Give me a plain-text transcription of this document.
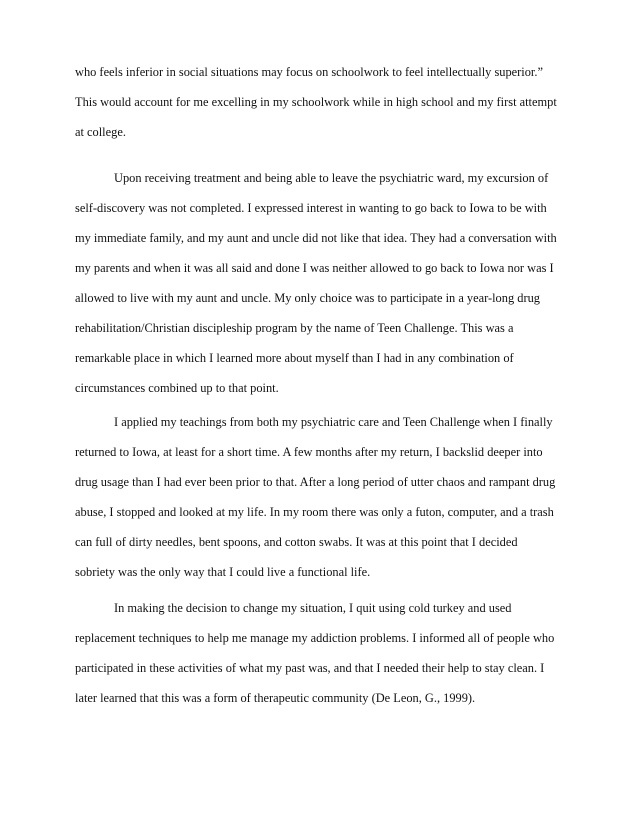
who feels inferior in social situations may focus on schoolwork to feel intellectually superior.”
This would account for me excelling in my schoolwork while in high school and my first attempt
at college.
Upon receiving treatment and being able to leave the psychiatric ward, my excursion of
self-discovery was not completed. I expressed interest in wanting to go back to Iowa to be with
my immediate family, and my aunt and uncle did not like that idea. They had a conversation with
my parents and when it was all said and done I was neither allowed to go back to Iowa nor was I
allowed to live with my aunt and uncle. My only choice was to participate in a year-long drug
rehabilitation/Christian discipleship program by the name of Teen Challenge. This was a
remarkable place in which I learned more about myself than I had in any combination of
circumstances combined up to that point.
I applied my teachings from both my psychiatric care and Teen Challenge when I finally
returned to Iowa, at least for a short time. A few months after my return, I backslid deeper into
drug usage than I had ever been prior to that. After a long period of utter chaos and rampant drug
abuse, I stopped and looked at my life. In my room there was only a futon, computer, and a trash
can full of dirty needles, bent spoons, and cotton swabs. It was at this point that I decided
sobriety was the only way that I could live a functional life.
In making the decision to change my situation, I quit using cold turkey and used
replacement techniques to help me manage my addiction problems. I informed all of people who
participated in these activities of what my past was, and that I needed their help to stay clean. I
later learned that this was a form of therapeutic community (De Leon, G., 1999).
